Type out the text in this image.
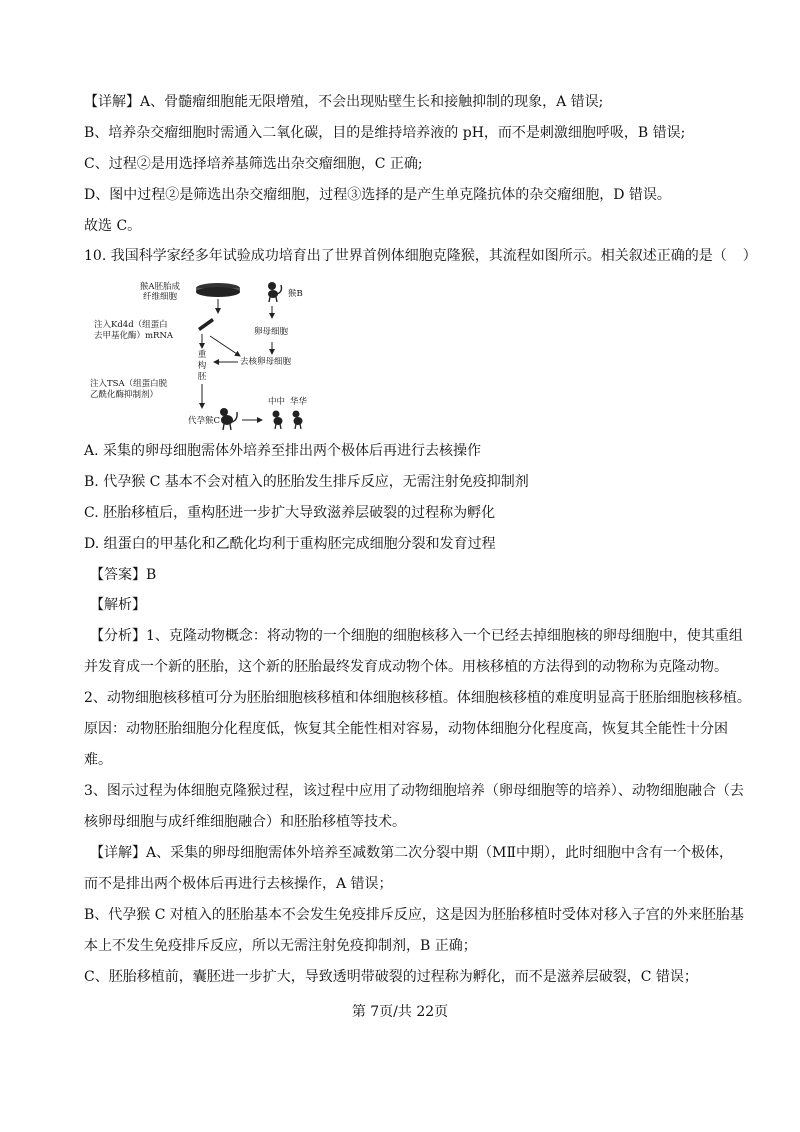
【详解】A、骨髓瘤细胞能无限增殖，不会出现贴壁生长和接触抑制的现象，A 错误;
B、培养杂交瘤细胞时需通入二氧化碳，目的是维持培养液的 pH，而不是刺激细胞呼吸，B 错误;
C、过程②是用选择培养基筛选出杂交瘤细胞，C 正确;
D、图中过程②是筛选出杂交瘤细胞，过程③选择的是产生单克隆抗体的杂交瘤细胞，D 错误。
故选 C。
10. 我国科学家经多年试验成功培育出了世界首例体细胞克隆猴，其流程如图所示。相关叙述正确的是（ ）
猴A胚胎成
纤维细胞	猴B
注入Kd4d（组蛋白
去甲基化酶）mRNA	卵母细胞
去核卵母细胞
重
构
胚
注入TSA（组蛋白脱
乙酰化酶抑制剂）
代孕猴C
中中 华华
A. 采集的卵母细胞需体外培养至排出两个极体后再进行去核操作
B. 代孕猴 C 基本不会对植入的胚胎发生排斥反应，无需注射免疫抑制剂
C. 胚胎移植后，重构胚进一步扩大导致滋养层破裂的过程称为孵化
D. 组蛋白的甲基化和乙酰化均利于重构胚完成细胞分裂和发育过程
【答案】B
【解析】
【分析】1、克隆动物概念：将动物的一个细胞的细胞核移入一个已经去掉细胞核的卵母细胞中，使其重组
并发育成一个新的胚胎，这个新的胚胎最终发育成动物个体。用核移植的方法得到的动物称为克隆动物。
2、动物细胞核移植可分为胚胎细胞核移植和体细胞核移植。体细胞核移植的难度明显高于胚胎细胞核移植。
原因：动物胚胎细胞分化程度低，恢复其全能性相对容易，动物体细胞分化程度高，恢复其全能性十分困
难。
3、图示过程为体细胞克隆猴过程，该过程中应用了动物细胞培养（卵母细胞等的培养）、动物细胞融合（去
核卵母细胞与成纤维细胞融合）和胚胎移植等技术。
【详解】A、采集的卵母细胞需体外培养至减数第二次分裂中期（MⅡ中期），此时细胞中含有一个极体，
而不是排出两个极体后再进行去核操作，A 错误；
B、代孕猴 C 对植入的胚胎基本不会发生免疫排斥反应，这是因为胚胎移植时受体对移入子宫的外来胚胎基
本上不发生免疫排斥反应，所以无需注射免疫抑制剂，B 正确；
C、胚胎移植前，囊胚进一步扩大，导致透明带破裂的过程称为孵化，而不是滋养层破裂，C 错误；
第 7页/共 22页
